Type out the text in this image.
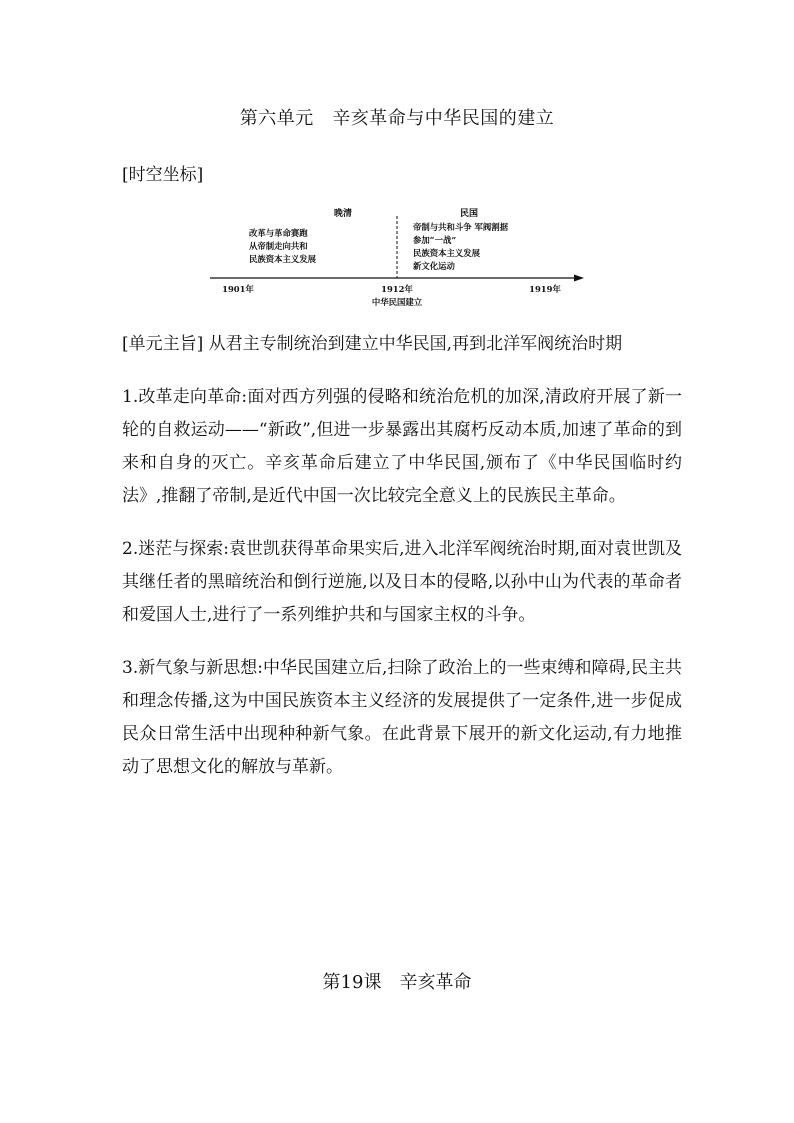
第六单元　辛亥革命与中华民国的建立
[时空坐标]
晚清	民国
改革与革命赛跑
从帝制走向共和
民族资本主义发展
帝制与共和斗争 军阀割据
参加“一战”
民族资本主义发展
新文化运动
1901年	1912年	1919年
中华民国建立

[单元主旨] 从君主专制统治到建立中华民国,再到北洋军阀统治时期

1.改革走向革命:面对西方列强的侵略和统治危机的加深,清政府开展了新一轮的自救运动——“新政”,但进一步暴露出其腐朽反动本质,加速了革命的到来和自身的灭亡。辛亥革命后建立了中华民国,颁布了《中华民国临时约法》,推翻了帝制,是近代中国一次比较完全意义上的民族民主革命。

2.迷茫与探索:袁世凯获得革命果实后,进入北洋军阀统治时期,面对袁世凯及其继任者的黑暗统治和倒行逆施,以及日本的侵略,以孙中山为代表的革命者和爱国人士,进行了一系列维护共和与国家主权的斗争。

3.新气象与新思想:中华民国建立后,扫除了政治上的一些束缚和障碍,民主共和理念传播,这为中国民族资本主义经济的发展提供了一定条件,进一步促成民众日常生活中出现种种新气象。在此背景下展开的新文化运动,有力地推动了思想文化的解放与革新。

第19课　辛亥革命
